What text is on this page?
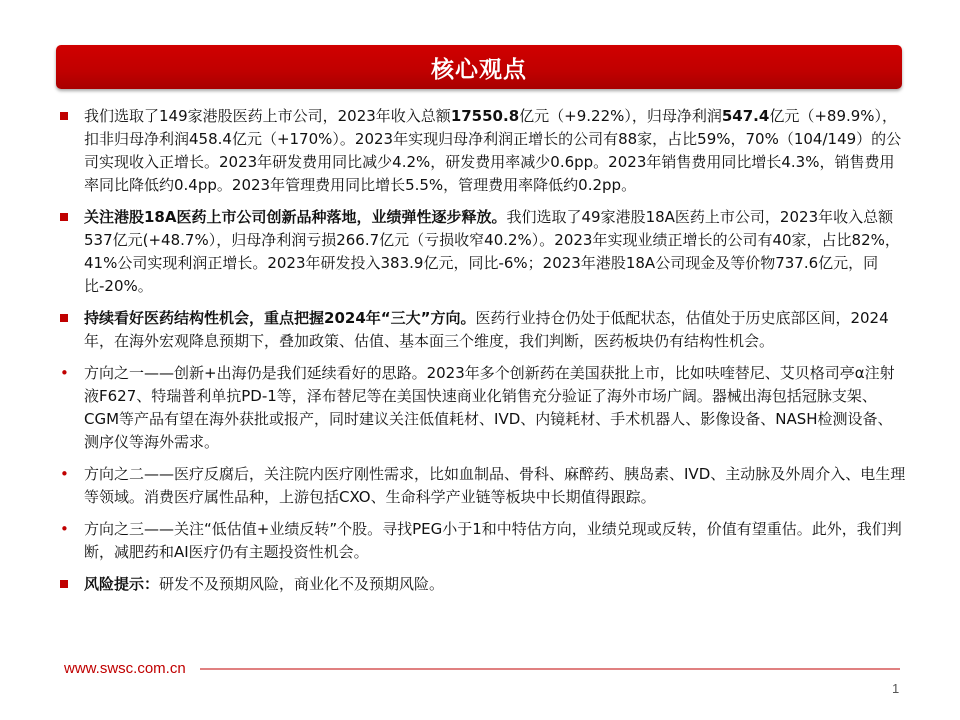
核心观点
我们选取了149家港股医药上市公司，2023年收入总额17550.8亿元（+9.22%），归母净利润547.4亿元（+89.9%），扣非归母净利润458.4亿元（+170%）。2023年实现归母净利润正增长的公司有88家，占比59%，70%（104/149）的公司实现收入正增长。2023年研发费用同比减少4.2%，研发费用率减少0.6pp。2023年销售费用同比增长4.3%，销售费用率同比降低约0.4pp。2023年管理费用同比增长5.5%，管理费用率降低约0.2pp。
关注港股18A医药上市公司创新品种落地，业绩弹性逐步释放。我们选取了49家港股18A医药上市公司，2023年收入总额537亿元(+48.7%），归母净利润亏损266.7亿元（亏损收窄40.2%）。2023年实现业绩正增长的公司有40家，占比82%，41%公司实现利润正增长。2023年研发投入383.9亿元，同比-6%；2023年港股18A公司现金及等价物737.6亿元，同比-20%。
持续看好医药结构性机会，重点把握2024年“三大”方向。医药行业持仓仍处于低配状态，估值处于历史底部区间，2024年，在海外宏观降息预期下，叠加政策、估值、基本面三个维度，我们判断，医药板块仍有结构性机会。
• 方向之一——创新+出海仍是我们延续看好的思路。2023年多个创新药在美国获批上市，比如呋喹替尼、艾贝格司亭α注射液F627、特瑞普利单抗PD-1等，泽布替尼等在美国快速商业化销售充分验证了海外市场广阔。器械出海包括冠脉支架、CGM等产品有望在海外获批或报产，同时建议关注低值耗材、IVD、内镜耗材、手术机器人、影像设备、NASH检测设备、测序仪等海外需求。
• 方向之二——医疗反腐后，关注院内医疗刚性需求，比如血制品、骨科、麻醉药、胰岛素、IVD、主动脉及外周介入、电生理等领域。消费医疗属性品种，上游包括CXO、生命科学产业链等板块中长期值得跟踪。
• 方向之三——关注“低估值+业绩反转”个股。寻找PEG小于1和中特估方向，业绩兑现或反转，价值有望重估。此外，我们判断，减肥药和AI医疗仍有主题投资性机会。
风险提示：研发不及预期风险，商业化不及预期风险。
www.swsc.com.cn
1
